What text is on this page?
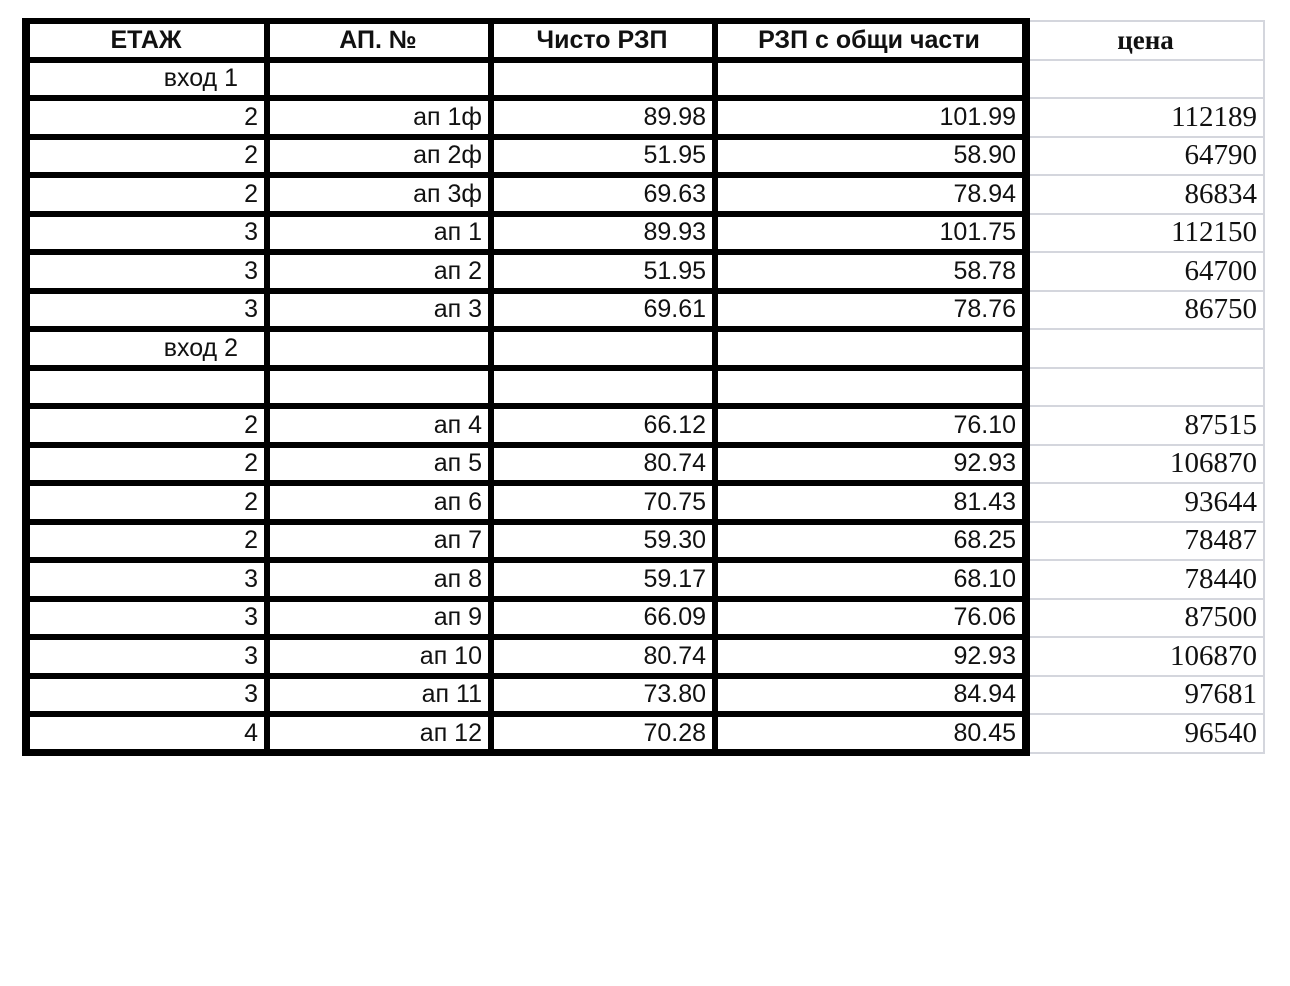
ЕТАЖ	АП. №	Чисто РЗП	РЗП с общи части	цена
вход 1				
2	ап 1ф	89.98	101.99	112189
2	ап 2ф	51.95	58.90	64790
2	ап 3ф	69.63	78.94	86834
3	ап 1	89.93	101.75	112150
3	ап 2	51.95	58.78	64700
3	ап 3	69.61	78.76	86750
вход 2				

2	ап 4	66.12	76.10	87515
2	ап 5	80.74	92.93	106870
2	ап 6	70.75	81.43	93644
2	ап 7	59.30	68.25	78487
3	ап 8	59.17	68.10	78440
3	ап 9	66.09	76.06	87500
3	ап 10	80.74	92.93	106870
3	ап 11	73.80	84.94	97681
4	ап 12	70.28	80.45	96540
